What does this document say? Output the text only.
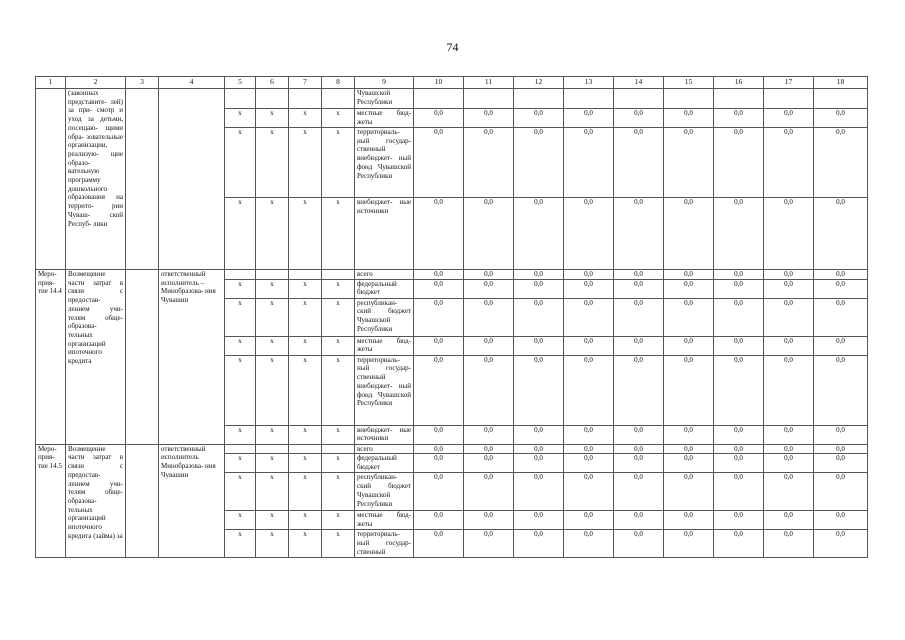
74
1	2	3	4	5	6	7	8	9	10	11	12	13	14	15	16	17	18
	(законных представите- лей) за при- смотр и уход за детьми, посещаю- щими обра- зовательные организации, реализую- щие образо- вательную программу дошкольного образования на террито- рии Чуваш- ской Респуб- лики							Чувашской Республики									
				x	x	x	x	местные бюд- жеты	0,0	0,0	0,0	0,0	0,0	0,0	0,0	0,0	0,0
				x	x	x	x	территориаль- ный государ- ственный внебюджет- ный фонд Чувашской Республики	0,0	0,0	0,0	0,0	0,0	0,0	0,0	0,0	0,0
				x	x	x	x	внебюджет- ные источники	0,0	0,0	0,0	0,0	0,0	0,0	0,0	0,0	0,0
Меро- прия- тие 14.4	Возмещение части затрат в связи с предостав- лением учи- телям обще- образова- тельных организаций ипотечного кредита		ответственный исполнитель – Минобразова- ния Чувашии					всего	0,0	0,0	0,0	0,0	0,0	0,0	0,0	0,0	0,0
				x	x	x	x	федеральный бюджет	0,0	0,0	0,0	0,0	0,0	0,0	0,0	0,0	0,0
				x	x	x	x	республикан- ский бюджет Чувашской Республики	0,0	0,0	0,0	0,0	0,0	0,0	0,0	0,0	0,0
				x	x	x	x	местные бюд- жеты	0,0	0,0	0,0	0,0	0,0	0,0	0,0	0,0	0,0
				x	x	x	x	территориаль- ный государ- ственный внебюджет- ный фонд Чувашской Республики	0,0	0,0	0,0	0,0	0,0	0,0	0,0	0,0	0,0
				x	x	x	x	внебюджет- ные источники	0,0	0,0	0,0	0,0	0,0	0,0	0,0	0,0	0,0
Меро- прия- тие 14.5	Возмещение части затрат в связи с предостав- лением учи- телям обще- образова- тельных организаций ипотечного кредита (займа) за		ответственный исполнитель Минобразова- ния Чувашии					всего	0,0	0,0	0,0	0,0	0,0	0,0	0,0	0,0	0,0
				x	x	x	x	федеральный бюджет	0,0	0,0	0,0	0,0	0,0	0,0	0,0	0,0	0,0
				x	x	x	x	республикан- ский бюджет Чувашской Республики	0,0	0,0	0,0	0,0	0,0	0,0	0,0	0,0	0,0
				x	x	x	x	местные бюд- жеты	0,0	0,0	0,0	0,0	0,0	0,0	0,0	0,0	0,0
				x	x	x	x	территориаль- ный государ- ственный	0,0	0,0	0,0	0,0	0,0	0,0	0,0	0,0	0,0
